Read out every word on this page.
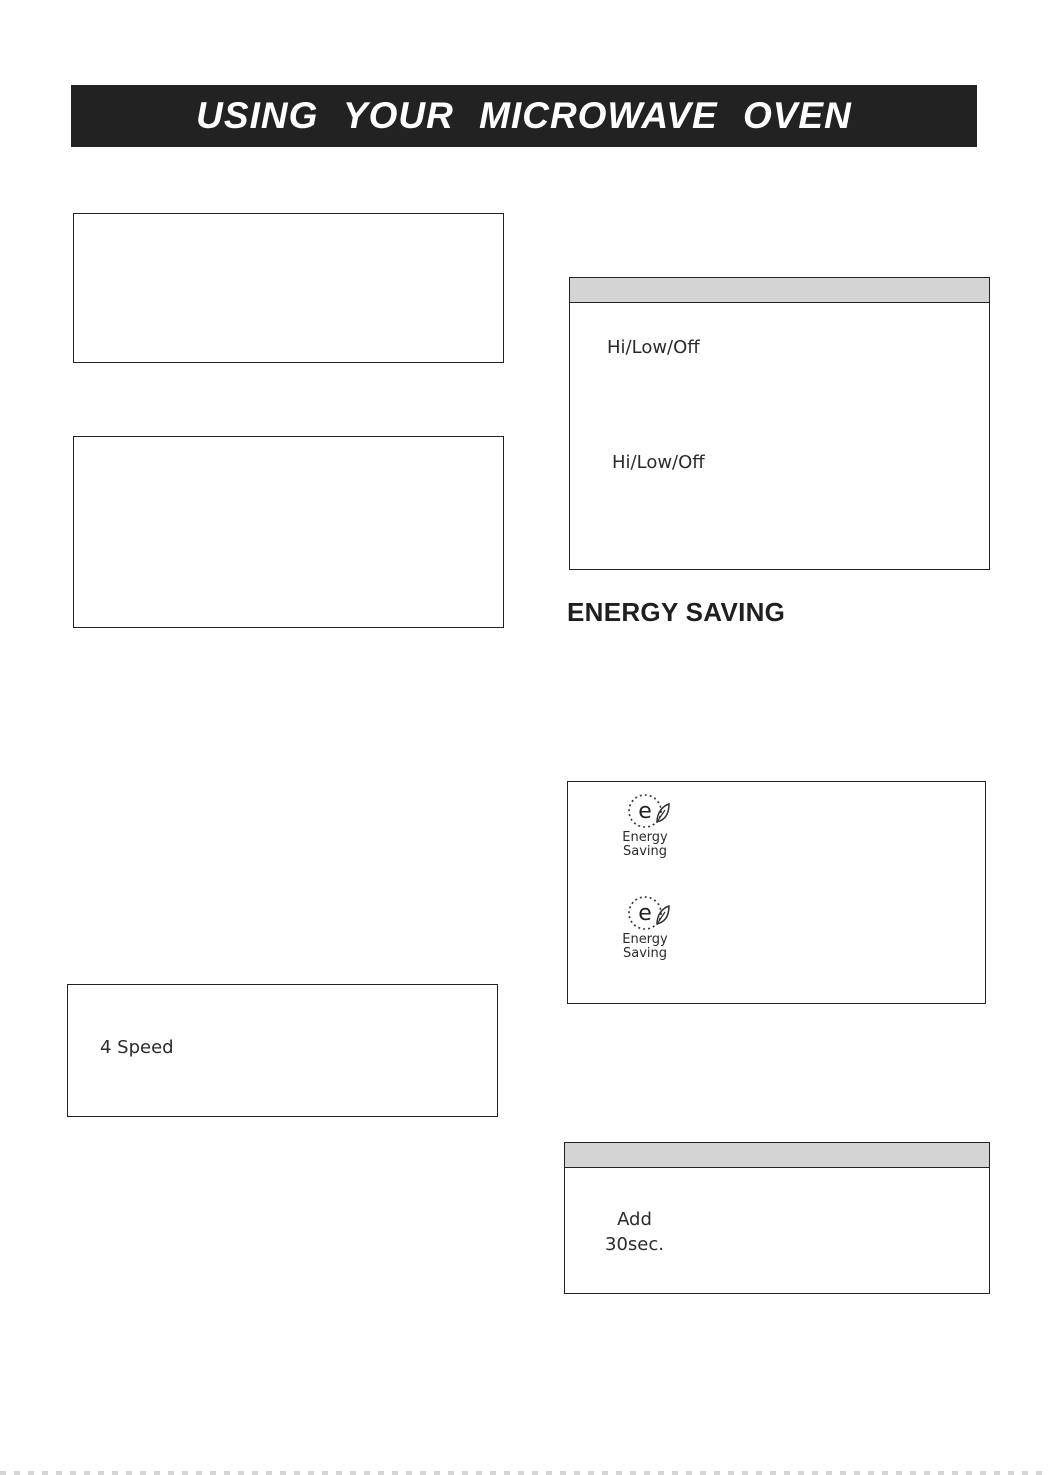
USING YOUR MICROWAVE OVEN
4 Speed
Hi/Low/Off
Hi/Low/Off
ENERGY SAVING
e
Energy
Saving
e
Energy
Saving
Add
30sec.
